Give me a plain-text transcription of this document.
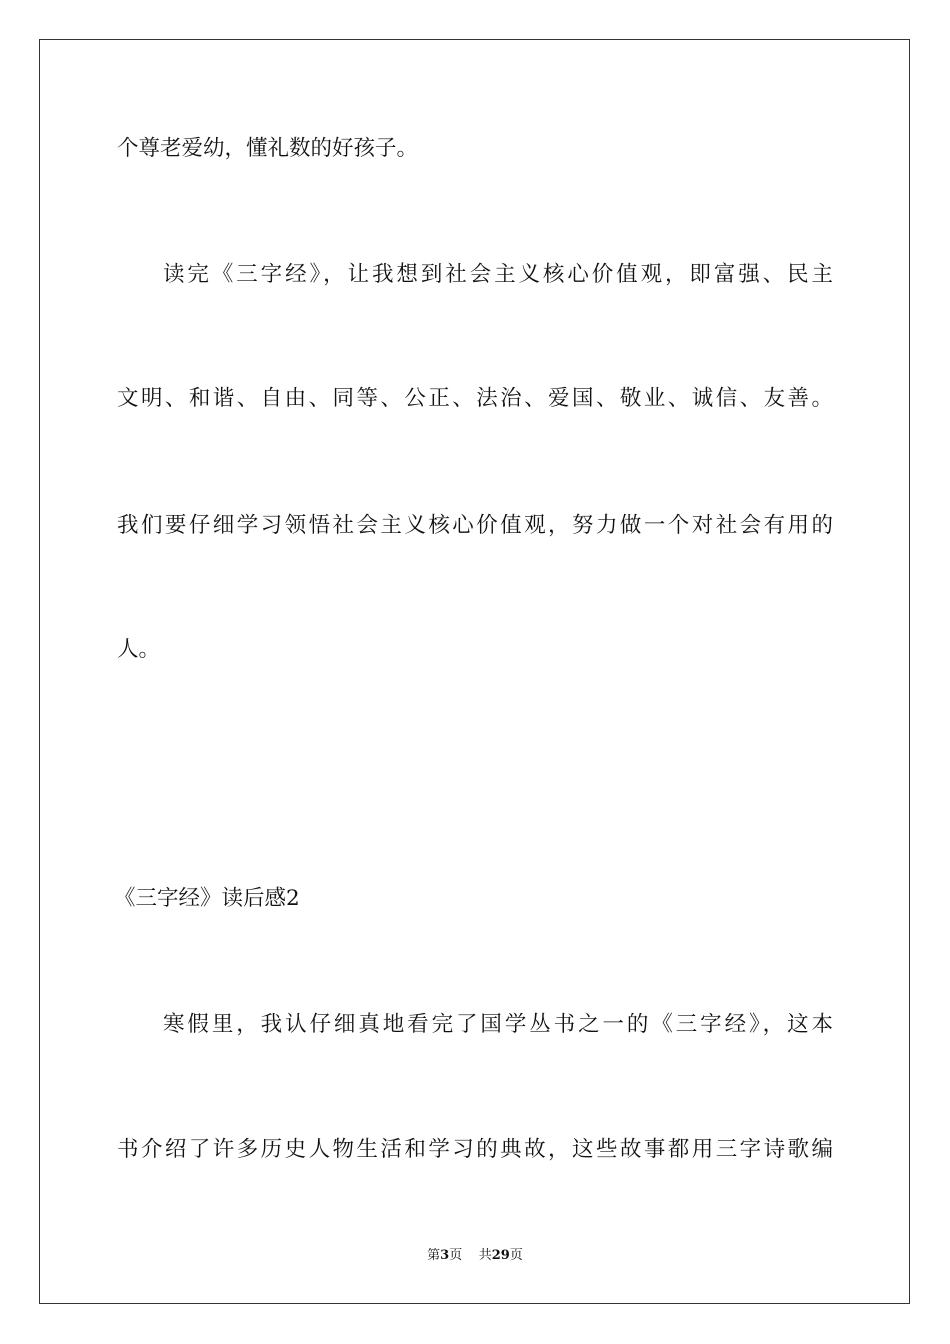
个尊老爱幼，懂礼数的好孩子。
读完《三字经》，让我想到社会主义核心价值观，即富强、民主
文明、和谐、自由、同等、公正、法治、爱国、敬业、诚信、友善。
我们要仔细学习领悟社会主义核心价值观，努力做一个对社会有用的
人。
《三字经》读后感2
寒假里，我认仔细真地看完了国学丛书之一的《三字经》，这本
书介绍了许多历史人物生活和学习的典故，这些故事都用三字诗歌编
第3页 共29页
